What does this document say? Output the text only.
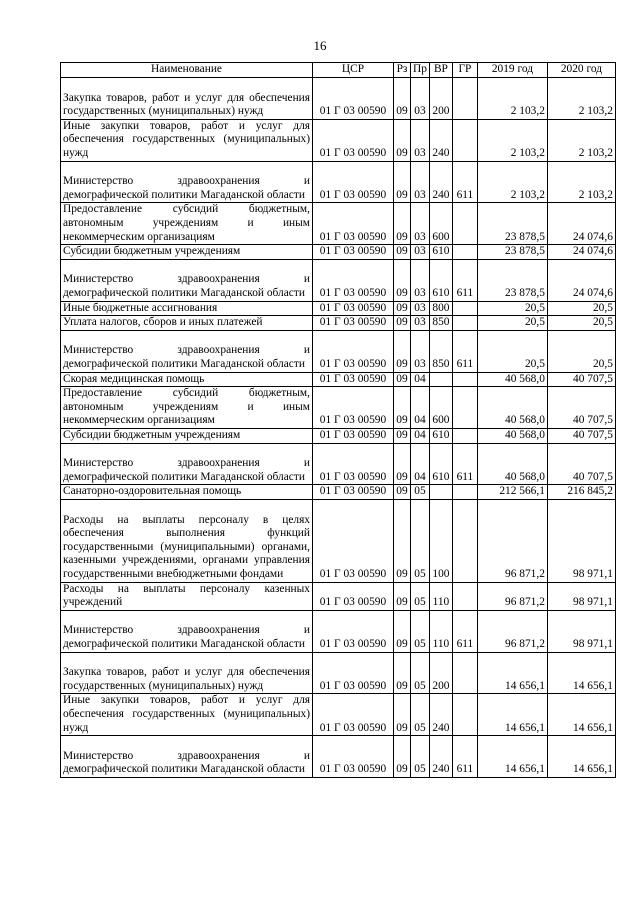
16
Наименование	ЦСР	Рз	Пр	ВР	ГР	2019 год	2020 год
Закупка товаров, работ и услуг для обеспечения государственных (муниципальных) нужд	01 Г 03 00590	09	03	200		2 103,2	2 103,2
Иные закупки товаров, работ и услуг для обеспечения государственных (муниципальных) нужд	01 Г 03 00590	09	03	240		2 103,2	2 103,2
Министерство здравоохранения и демографической политики Магаданской области	01 Г 03 00590	09	03	240	611	2 103,2	2 103,2
Предоставление субсидий бюджетным, автономным учреждениям и иным некоммерческим организациям	01 Г 03 00590	09	03	600		23 878,5	24 074,6
Субсидии бюджетным учреждениям	01 Г 03 00590	09	03	610		23 878,5	24 074,6
Министерство здравоохранения и демографической политики Магаданской области	01 Г 03 00590	09	03	610	611	23 878,5	24 074,6
Иные бюджетные ассигнования	01 Г 03 00590	09	03	800		20,5	20,5
Уплата налогов, сборов и иных платежей	01 Г 03 00590	09	03	850		20,5	20,5
Министерство здравоохранения и демографической политики Магаданской области	01 Г 03 00590	09	03	850	611	20,5	20,5
Скорая медицинская помощь	01 Г 03 00590	09	04			40 568,0	40 707,5
Предоставление субсидий бюджетным, автономным учреждениям и иным некоммерческим организациям	01 Г 03 00590	09	04	600		40 568,0	40 707,5
Субсидии бюджетным учреждениям	01 Г 03 00590	09	04	610		40 568,0	40 707,5
Министерство здравоохранения и демографической политики Магаданской области	01 Г 03 00590	09	04	610	611	40 568,0	40 707,5
Санаторно-оздоровительная помощь	01 Г 03 00590	09	05			212 566,1	216 845,2
Расходы на выплаты персоналу в целях обеспечения выполнения функций государственными (муниципальными) органами, казенными учреждениями, органами управления государственными внебюджетными фондами	01 Г 03 00590	09	05	100		96 871,2	98 971,1
Расходы на выплаты персоналу казенных учреждений	01 Г 03 00590	09	05	110		96 871,2	98 971,1
Министерство здравоохранения и демографической политики Магаданской области	01 Г 03 00590	09	05	110	611	96 871,2	98 971,1
Закупка товаров, работ и услуг для обеспечения государственных (муниципальных) нужд	01 Г 03 00590	09	05	200		14 656,1	14 656,1
Иные закупки товаров, работ и услуг для обеспечения государственных (муниципальных) нужд	01 Г 03 00590	09	05	240		14 656,1	14 656,1
Министерство здравоохранения и демографической политики Магаданской области	01 Г 03 00590	09	05	240	611	14 656,1	14 656,1
